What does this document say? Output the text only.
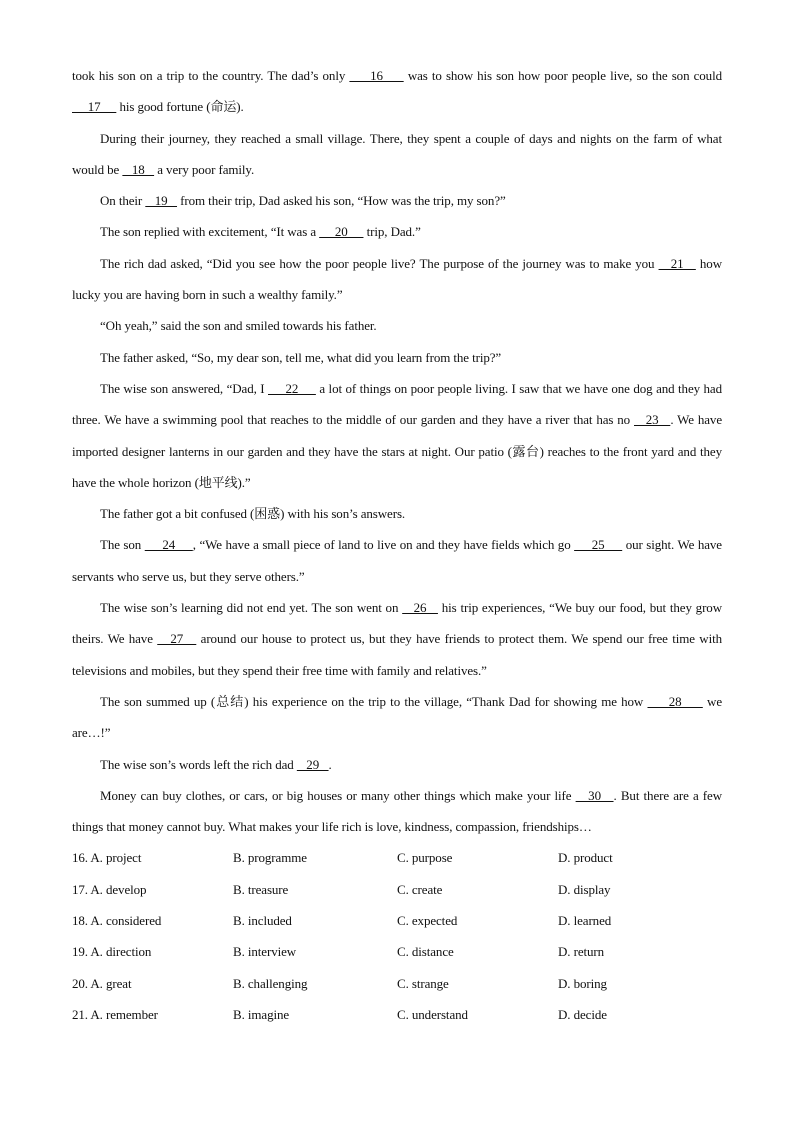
took his son on a trip to the country. The dad’s only      16      was to show his son how poor people live, so the son could      17      his good fortune (命运).

During their journey, they reached a small village. There, they spent a couple of days and nights on the farm of what would be    18    a very poor family.

On their    19    from their trip, Dad asked his son, “How was the trip, my son?”

The son replied with excitement, “It was a      20      trip, Dad.”

The rich dad asked, “Did you see how the poor people live? The purpose of the journey was to make you    21    how lucky you are having born in such a wealthy family.”

“Oh yeah,” said the son and smiled towards his father.

The father asked, “So, my dear son, tell me, what did you learn from the trip?”

The wise son answered, “Dad, I      22      a lot of things on poor people living. I saw that we have one dog and they had three. We have a swimming pool that reaches to the middle of our garden and they have a river that has no    23   . We have imported designer lanterns in our garden and they have the stars at night. Our patio (露台) reaches to the front yard and they have the whole horizon (地平线).”

The father got a bit confused (困惑) with his son’s answers.

The son      24     , “We have a small piece of land to live on and they have fields which go      25      our sight. We have servants who serve us, but they serve others.”

The wise son’s learning did not end yet. The son went on    26    his trip experiences, “We buy our food, but they grow theirs. We have    27    around our house to protect us, but they have friends to protect them. We spend our free time with televisions and mobiles, but they spend their free time with family and relatives.”

The son summed up (总结) his experience on the trip to the village, “Thank Dad for showing me how      28      we are…!”

The wise son’s words left the rich dad    29   .

Money can buy clothes, or cars, or big houses or many other things which make your life    30   . But there are a few things that money cannot buy. What makes your life rich is love, kindness, compassion, friendships…

16. A. project	B. programme	C. purpose	D. product
17. A. develop	B. treasure	C. create	D. display
18. A. considered	B. included	C. expected	D. learned
19. A. direction	B. interview	C. distance	D. return
20. A. great	B. challenging	C. strange	D. boring
21. A. remember	B. imagine	C. understand	D. decide
